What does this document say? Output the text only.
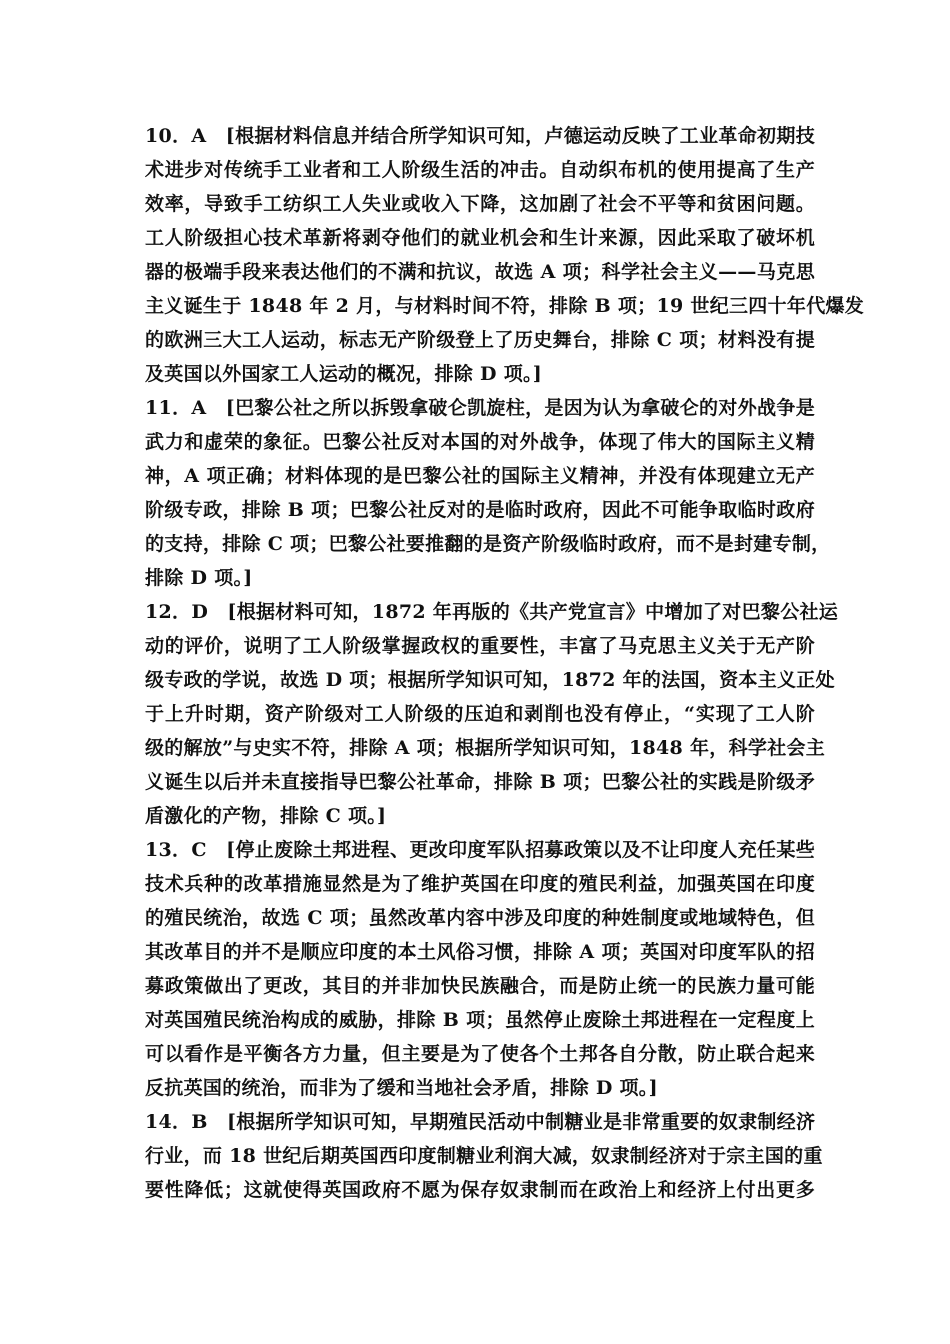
10．A　[根据材料信息并结合所学知识可知，卢德运动反映了工业革命初期技
术进步对传统手工业者和工人阶级生活的冲击。自动织布机的使用提高了生产
效率，导致手工纺织工人失业或收入下降，这加剧了社会不平等和贫困问题。
工人阶级担心技术革新将剥夺他们的就业机会和生计来源，因此采取了破坏机
器的极端手段来表达他们的不满和抗议，故选 A 项；科学社会主义——马克思
主义诞生于 1848 年 2 月，与材料时间不符，排除 B 项；19 世纪三四十年代爆发
的欧洲三大工人运动，标志无产阶级登上了历史舞台，排除 C 项；材料没有提
及英国以外国家工人运动的概况，排除 D 项。]
11．A　[巴黎公社之所以拆毁拿破仑凯旋柱，是因为认为拿破仑的对外战争是
武力和虚荣的象征。巴黎公社反对本国的对外战争，体现了伟大的国际主义精
神，A 项正确；材料体现的是巴黎公社的国际主义精神，并没有体现建立无产
阶级专政，排除 B 项；巴黎公社反对的是临时政府，因此不可能争取临时政府
的支持，排除 C 项；巴黎公社要推翻的是资产阶级临时政府，而不是封建专制，
排除 D 项。]
12．D　[根据材料可知，1872 年再版的《共产党宣言》中增加了对巴黎公社运
动的评价，说明了工人阶级掌握政权的重要性，丰富了马克思主义关于无产阶
级专政的学说，故选 D 项；根据所学知识可知，1872 年的法国，资本主义正处
于上升时期，资产阶级对工人阶级的压迫和剥削也没有停止，“实现了工人阶
级的解放”与史实不符，排除 A 项；根据所学知识可知，1848 年，科学社会主
义诞生以后并未直接指导巴黎公社革命，排除 B 项；巴黎公社的实践是阶级矛
盾激化的产物，排除 C 项。]
13．C　[停止废除土邦进程、更改印度军队招募政策以及不让印度人充任某些
技术兵种的改革措施显然是为了维护英国在印度的殖民利益，加强英国在印度
的殖民统治，故选 C 项；虽然改革内容中涉及印度的种姓制度或地域特色，但
其改革目的并不是顺应印度的本土风俗习惯，排除 A 项；英国对印度军队的招
募政策做出了更改，其目的并非加快民族融合，而是防止统一的民族力量可能
对英国殖民统治构成的威胁，排除 B 项；虽然停止废除土邦进程在一定程度上
可以看作是平衡各方力量，但主要是为了使各个土邦各自分散，防止联合起来
反抗英国的统治，而非为了缓和当地社会矛盾，排除 D 项。]
14．B　[根据所学知识可知，早期殖民活动中制糖业是非常重要的奴隶制经济
行业，而 18 世纪后期英国西印度制糖业利润大减，奴隶制经济对于宗主国的重
要性降低；这就使得英国政府不愿为保存奴隶制而在政治上和经济上付出更多
